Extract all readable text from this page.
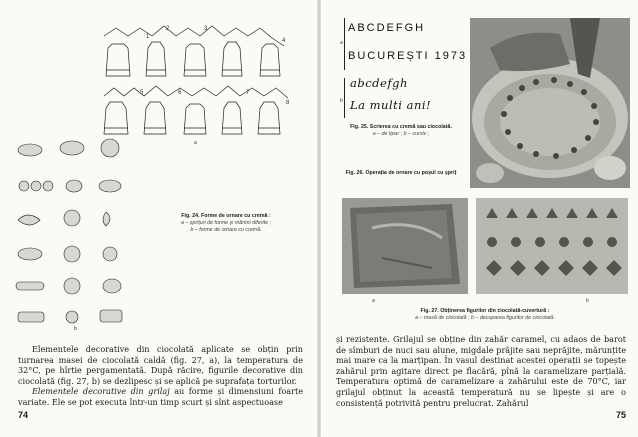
1
2	3
4
5	6	7
8
a
b
Fig. 24. Forme de ornare cu cremă :
a – șprițuri de forme și mărimi diferite ;
b – forme de ornare cu cremă.

Elementele decorative din ciocolată aplicate se obțin prin turnarea masei de ciocolată caldă (fig. 27, a), la temperatura de 32°C, pe hîrtie pergamentată. După răcire, figurile decorative din ciocolată (fig. 27, b) se dezlipesc și se aplică pe suprafața torturilor.

Elementele decorative din grilaj au forme și dimensiuni foarte variate. Ele se pot executa într-un timp scurt și sînt aspectuoase

74
a
ABCDEFGH
BUCUREȘTI 1973
b
abcdefgh
La multi ani!
Fig. 25. Scrierea cu cremă sau ciocolată.
a – de tipar ; b – cursiv ;
Fig. 26. Operația de ornare cu poșul cu șpriț
a	b
Fig. 27. Obținerea figurilor din ciocolată-cuvertură :
a – masă de ciocolată ; b – decuparea figurilor de ciocolată.

și rezistente. Grilajul se obține din zahăr caramel, cu adaos de barot de sîmburi de nuci sau alune, migdale prăjite sau neprăjite, mărunțite mai mare ca la marțipan. În vasul destinat acestei operații se topește zahărul prin agitare direct pe flacără, pînă la caramelizare parțială. Temperatura optimă de caramelizare a zahărului este de 70°C, iar grilajul obținut la această temperatură nu se lipește și are o consistență potrivită pentru prelucrat. Zahărul

75
